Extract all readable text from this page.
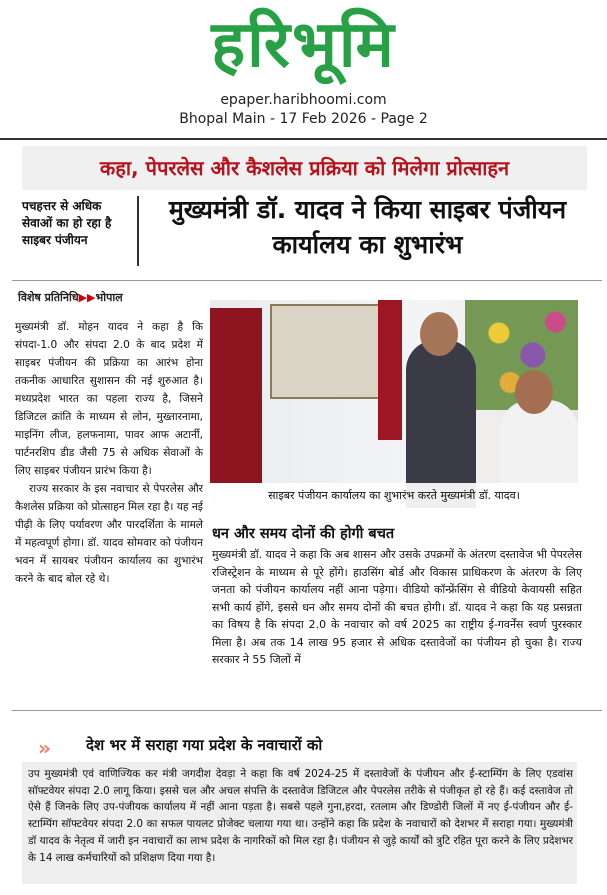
हरिभूमि
epaper.haribhoomi.com
Bhopal Main - 17 Feb 2026 - Page 2
कहा, पेपरलेस और कैशलेस प्रक्रिया को मिलेगा प्रोत्साहन
पचहत्तर से अधिक सेवाओं का हो रहा है साइबर पंजीयन
मुख्यमंत्री डॉ. यादव ने किया साइबर पंजीयन कार्यालय का शुभारंभ
विशेष प्रतिनिधि▶▶भोपाल

मुख्यमंत्री डॉ. मोहन यादव ने कहा है कि संपदा-1.0 और संपदा 2.0 के बाद प्रदेश में साइबर पंजीयन की प्रक्रिया का आरंभ होना तकनीक आधारित सुशासन की नई शुरुआत है। मध्यप्रदेश भारत का पहला राज्य है, जिसने डिजिटल क्रांति के माध्यम से लोन, मुख्तारनामा, माइनिंग लीज, हलफनामा, पावर आफ अटार्नी, पार्टनरशिप डीड जैसी 75 से अधिक सेवाओं के लिए साइबर पंजीयन प्रारंभ किया है।

राज्य सरकार के इस नवाचार से पेपरलेस और कैशलेस प्रक्रिया को प्रोत्साहन मिल रहा है। यह नई पीढ़ी के लिए पर्यावरण और पारदर्शिता के मामले में महत्वपूर्ण होगा। डॉ. यादव सोमवार को पंजीयन भवन में सायबर पंजीयन कार्यालय का शुभारंभ करने के बाद बोल रहे थे।

साइबर पंजीयन कार्यालय का शुभारंभ करते मुख्यमंत्री डॉ. यादव।
धन और समय दोनों की होगी बचत
मुख्यमंत्री डॉ. यादव ने कहा कि अब शासन और उसके उपक्रमों के अंतरण दस्तावेज भी पेपरलेस रजिस्ट्रेशन के माध्यम से पूरे होंगे। हाउसिंग बोर्ड और विकास प्राधिकरण के अंतरण के लिए जनता को पंजीयन कार्यालय नहीं आना पड़ेगा। वीडियो कॉन्फ्रेंसिंग से वीडियो केवायसी सहित सभी कार्य होंगे, इससे धन और समय दोनों की बचत होगी। डॉ. यादव ने कहा कि यह प्रसन्नता का विषय है कि संपदा 2.0 के नवाचार को वर्ष 2025 का राष्ट्रीय ई-गवर्नेंस स्वर्ण पुरस्कार मिला है। अब तक 14 लाख 95 हजार से अधिक दस्तावेजों का पंजीयन हो चुका है। राज्य सरकार ने 55 जिलों में
»	देश भर में सराहा गया प्रदेश के नवाचारों को
उप मुख्यमंत्री एवं वाणिज्यिक कर मंत्री जगदीश देवड़ा ने कहा कि वर्ष 2024-25 में दस्तावेजों के पंजीयन और ई-स्टाम्पिंग के लिए एडवांस सॉफ्टवेयर संपदा 2.0 लागू किया। इससे चल और अचल संपत्ति के दस्तावेज डिजिटल और पेपरलेस तरीके से पंजीकृत हो रहे हैं। कई दस्तावेज तो ऐसे हैं जिनके लिए उप-पंजीयक कार्यालय में नहीं आना पड़ता है। सबसे पहले गुना,हरदा, रतलाम और डिण्डोरी जिलों में नए ई-पंजीयन और ई- स्टाम्पिंग सॉफ्टवेयर संपदा 2.0 का सफल पायलट प्रोजेक्ट चलाया गया था। उन्होंने कहा कि प्रदेश के नवाचारों को देशभर में सराहा गया। मुख्यमंत्री डॉ यादव के नेतृत्व में जारी इन नवाचारों का लाभ प्रदेश के नागरिकों को मिल रहा है। पंजीयन से जुड़े कार्यों को त्रुटि रहित पूरा करने के लिए प्रदेशभर के 14 लाख कर्मचारियों को प्रशिक्षण दिया गया है।
